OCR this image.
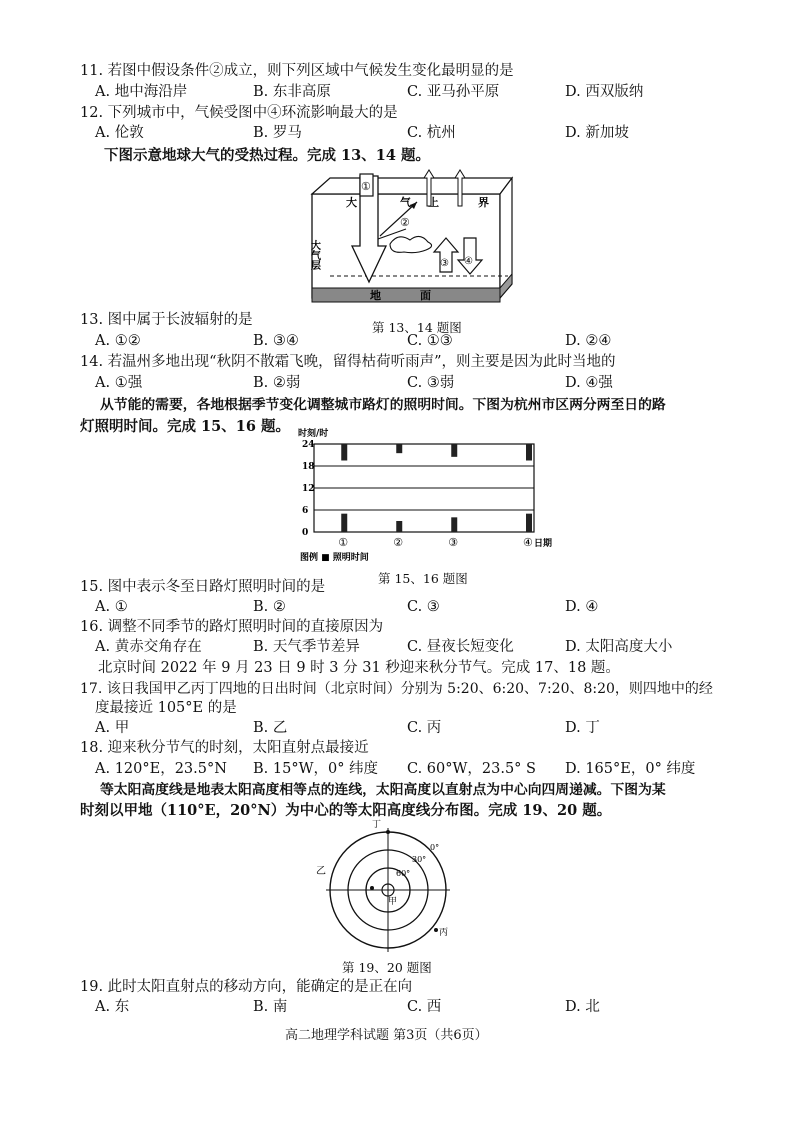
11. 若图中假设条件②成立，则下列区域中气候发生变化最明显的是
A. 地中海沿岸	B. 东非高原	C. 亚马孙平原	D. 西双版纳
12. 下列城市中，气候受图中④环流影响最大的是
A. 伦敦	B. 罗马	C. 杭州	D. 新加坡
下图示意地球大气的受热过程。完成 13、14 题。
①
②
③ ④
大	气 上	界
大气层
地	面
第 13、14 题图
13. 图中属于长波辐射的是
A. ①②	B. ③④	C. ①③	D. ②④
14. 若温州多地出现“秋阴不散霜飞晚，留得枯荷听雨声”，则主要是因为此时当地的
A. ①强	B. ②弱	C. ③弱	D. ④强
从节能的需要，各地根据季节变化调整城市路灯的照明时间。下图为杭州市区两分两至日的路
灯照明时间。完成 15、16 题。 时刻/时
0
6
12
18
24
①	②	③	④ 日期
图例 ■ 照明时间
第 15、16 题图
15. 图中表示冬至日路灯照明时间的是
A. ①	B. ②	C. ③	D. ④
16. 调整不同季节的路灯照明时间的直接原因为
A. 黄赤交角存在	B. 天气季节差异	C. 昼夜长短变化	D. 太阳高度大小
北京时间 2022 年 9 月 23 日 9 时 3 分 31 秒迎来秋分节气。完成 17、18 题。
17. 该日我国甲乙丙丁四地的日出时间（北京时间）分别为 5:20、6:20、7:20、8:20，则四地中的经
度最接近 105°E 的是
A. 甲	B. 乙	C. 丙	D. 丁
18. 迎来秋分节气的时刻，太阳直射点最接近
A. 120°E，23.5°N B. 15°W，0° 纬度 C. 60°W，23.5° S D. 165°E，0° 纬度
等太阳高度线是地表太阳高度相等点的连线，太阳高度以直射点为中心向四周递减。下图为某
时刻以甲地（110°E，20°N）为中心的等太阳高度线分布图。完成 19、20 题。
丁
乙
丙
甲
0°
30°
60°
第 19、20 题图
19. 此时太阳直射点的移动方向，能确定的是正在向
A. 东	B. 南	C. 西	D. 北
高二地理学科试题 第3页（共6页）
